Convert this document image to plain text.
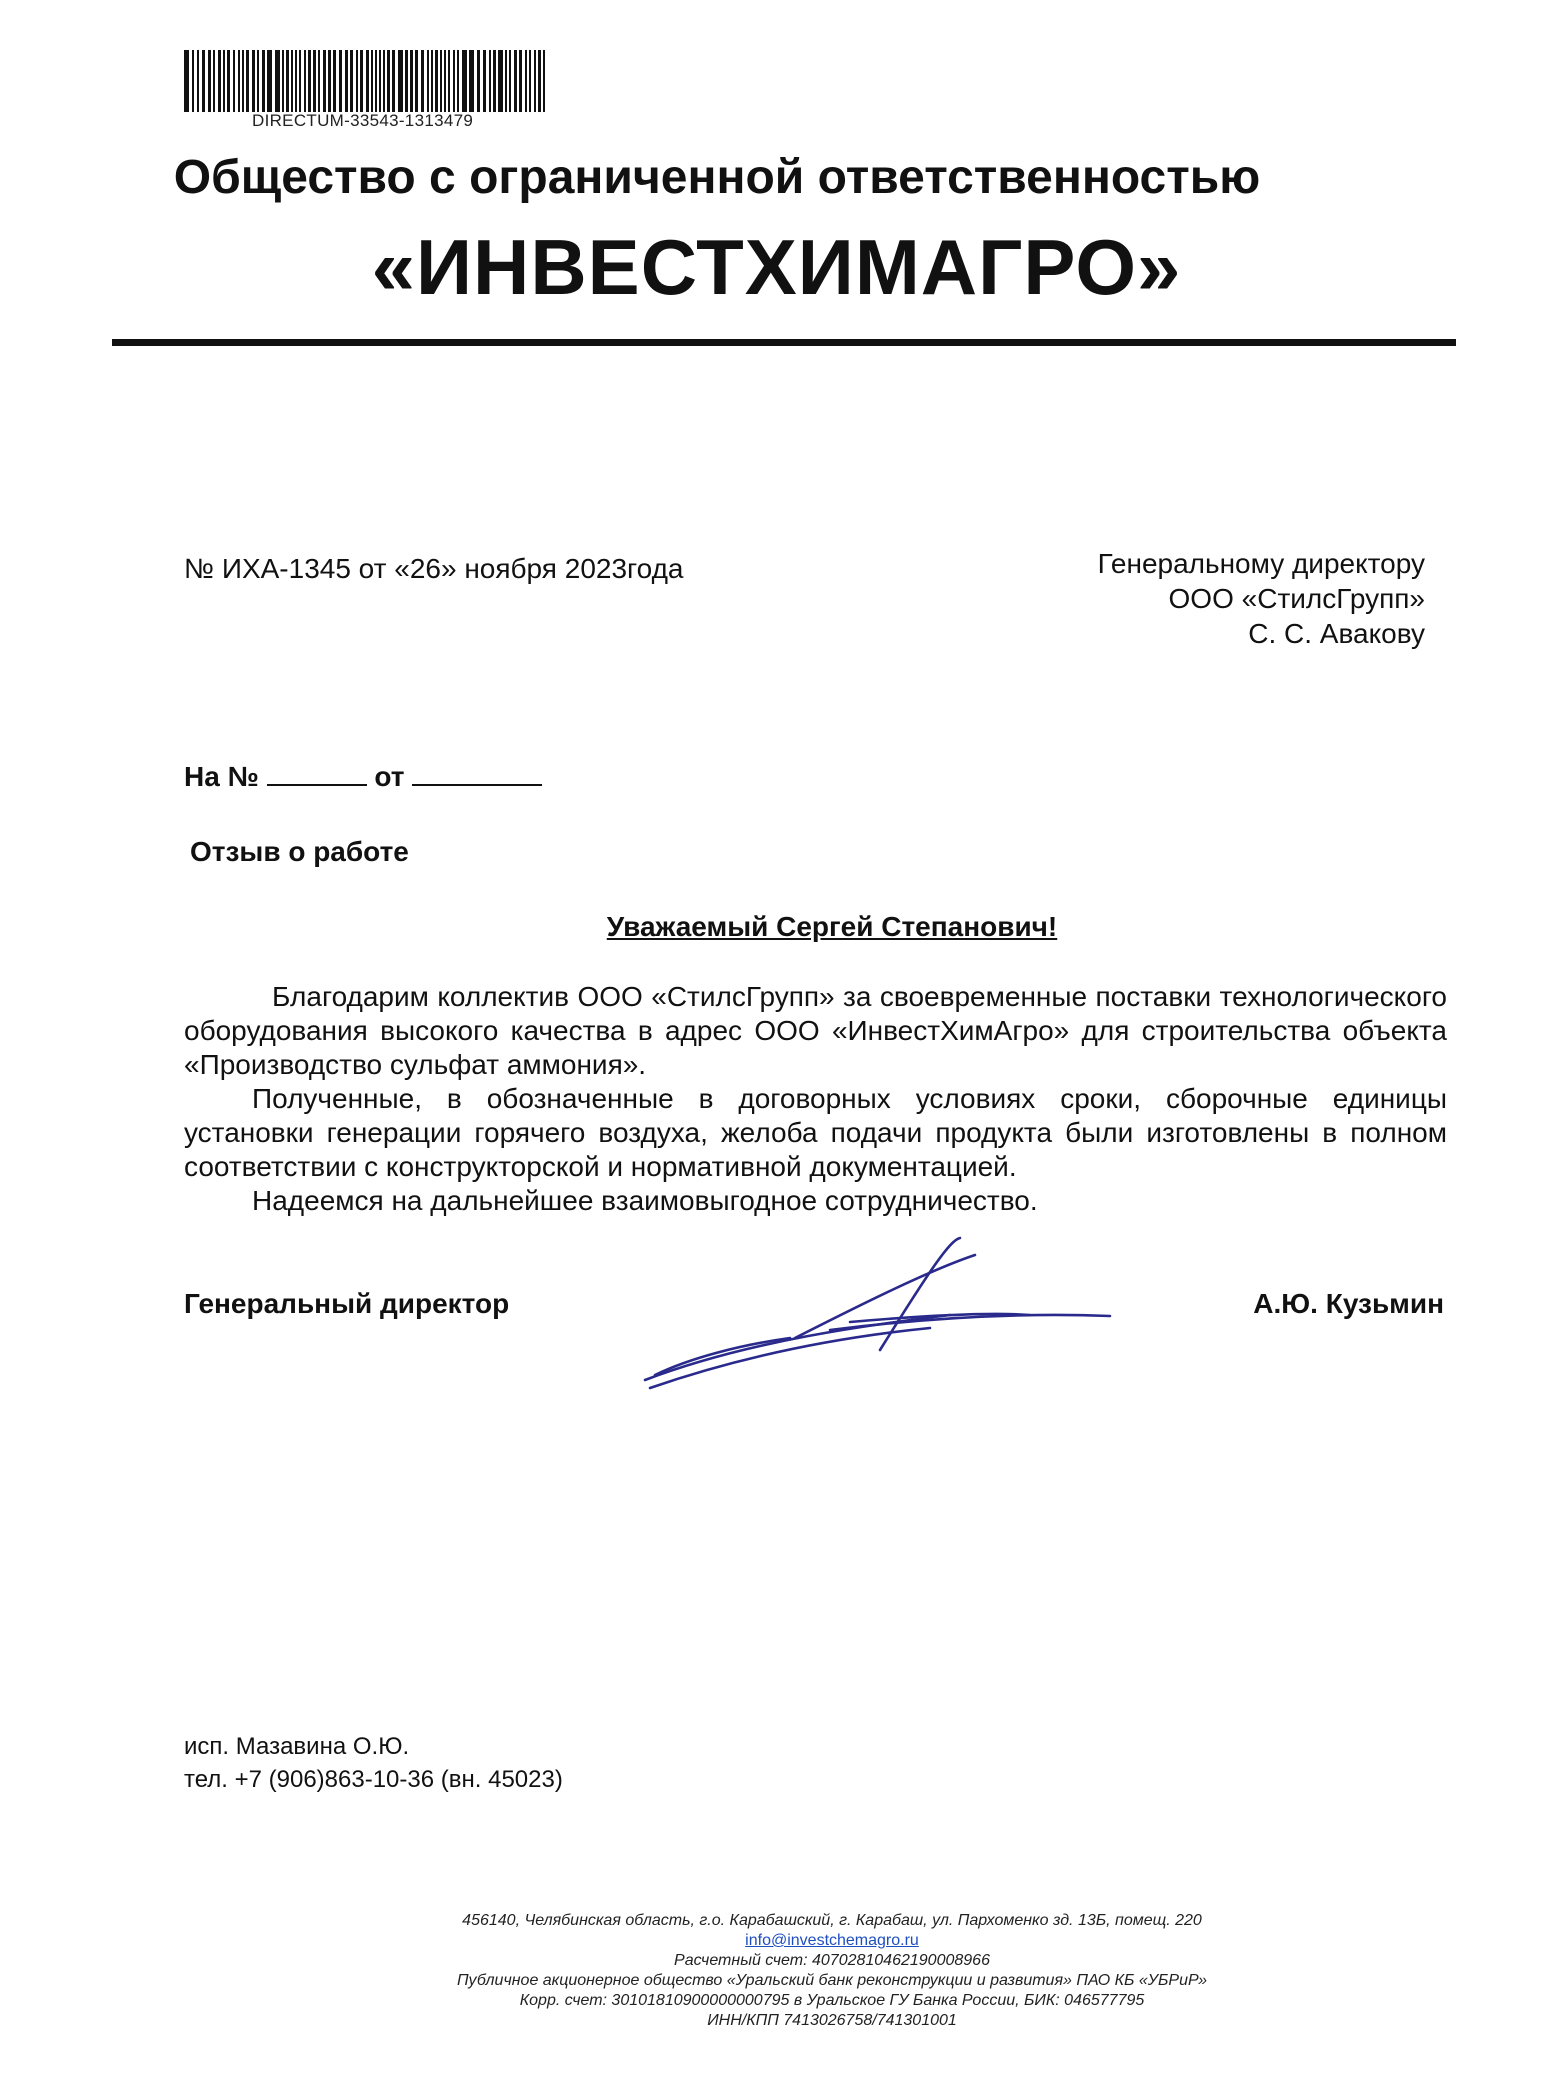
DIRECTUM-33543-1313479
Общество с ограниченной ответственностью
«ИНВЕСТХИМАГРО»
№ ИХА-1345 от «26» ноября 2023года	Генеральному директору
ООО «СтилсГрупп»
С. С. Авакову
На №	от
Отзыв о работе
Уважаемый Сергей Степанович!

Благодарим коллектив ООО «СтилсГрупп» за своевременные поставки технологического оборудования высокого качества в адрес ООО «ИнвестХимАгро» для строительства объекта «Производство сульфат аммония».

Полученные, в обозначенные в договорных условиях сроки, сборочные единицы установки генерации горячего воздуха, желоба подачи продукта были изготовлены в полном соответствии с конструкторской и нормативной документацией.

Надеемся на дальнейшее взаимовыгодное сотрудничество.

Генеральный директор	А.Ю. Кузьмин
исп. Мазавина О.Ю.
тел. +7 (906)863-10-36 (вн. 45023)
456140, Челябинская область, г.о. Карабашский, г. Карабаш, ул. Пархоменко зд. 13Б, помещ. 220
info@investchemagro.ru
Расчетный счет: 40702810462190008966
Публичное акционерное общество «Уральский банк реконструкции и развития» ПАО КБ «УБРиР»
Корр. счет: 30101810900000000795 в Уральское ГУ Банка России, БИК: 046577795
ИНН/КПП 7413026758/741301001
